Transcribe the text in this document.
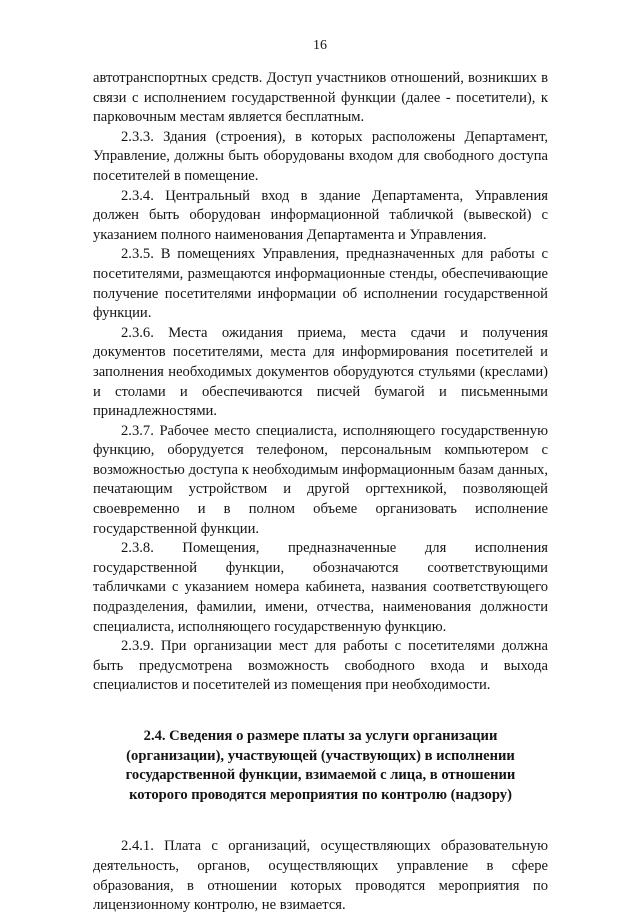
16

автотранспортных средств. Доступ участников отношений, возникших в связи с исполнением государственной функции (далее - посетители), к парковочным местам является бесплатным.

2.3.3. Здания (строения), в которых расположены Департамент, Управление, должны быть оборудованы входом для свободного доступа посетителей в помещение.

2.3.4. Центральный вход в здание Департамента, Управления должен быть оборудован информационной табличкой (вывеской) с указанием полного наименования Департамента и Управления.

2.3.5. В помещениях Управления, предназначенных для работы с посетителями, размещаются информационные стенды, обеспечивающие получение посетителями информации об исполнении государственной функции.

2.3.6. Места ожидания приема, места сдачи и получения документов посетителями, места для информирования посетителей и заполнения необходимых документов оборудуются стульями (креслами) и столами и обеспечиваются писчей бумагой и письменными принадлежностями.

2.3.7. Рабочее место специалиста, исполняющего государственную функцию, оборудуется телефоном, персональным компьютером с возможностью доступа к необходимым информационным базам данных, печатающим устройством и другой оргтехникой, позволяющей своевременно и в полном объеме организовать исполнение государственной функции.

2.3.8. Помещения, предназначенные для исполнения государственной функции, обозначаются соответствующими табличками с указанием номера кабинета, названия соответствующего подразделения, фамилии, имени, отчества, наименования должности специалиста, исполняющего государственную функцию.

2.3.9. При организации мест для работы с посетителями должна быть предусмотрена возможность свободного входа и выхода специалистов и посетителей из помещения при необходимости.

2.4. Сведения о размере платы за услуги организации
(организации), участвующей (участвующих) в исполнении
государственной функции, взимаемой с лица, в отношении
которого проводятся мероприятия по контролю (надзору)

2.4.1. Плата с организаций, осуществляющих образовательную деятельность, органов, осуществляющих управление в сфере образования, в отношении которых проводятся мероприятия по лицензионному контролю, не взимается.
